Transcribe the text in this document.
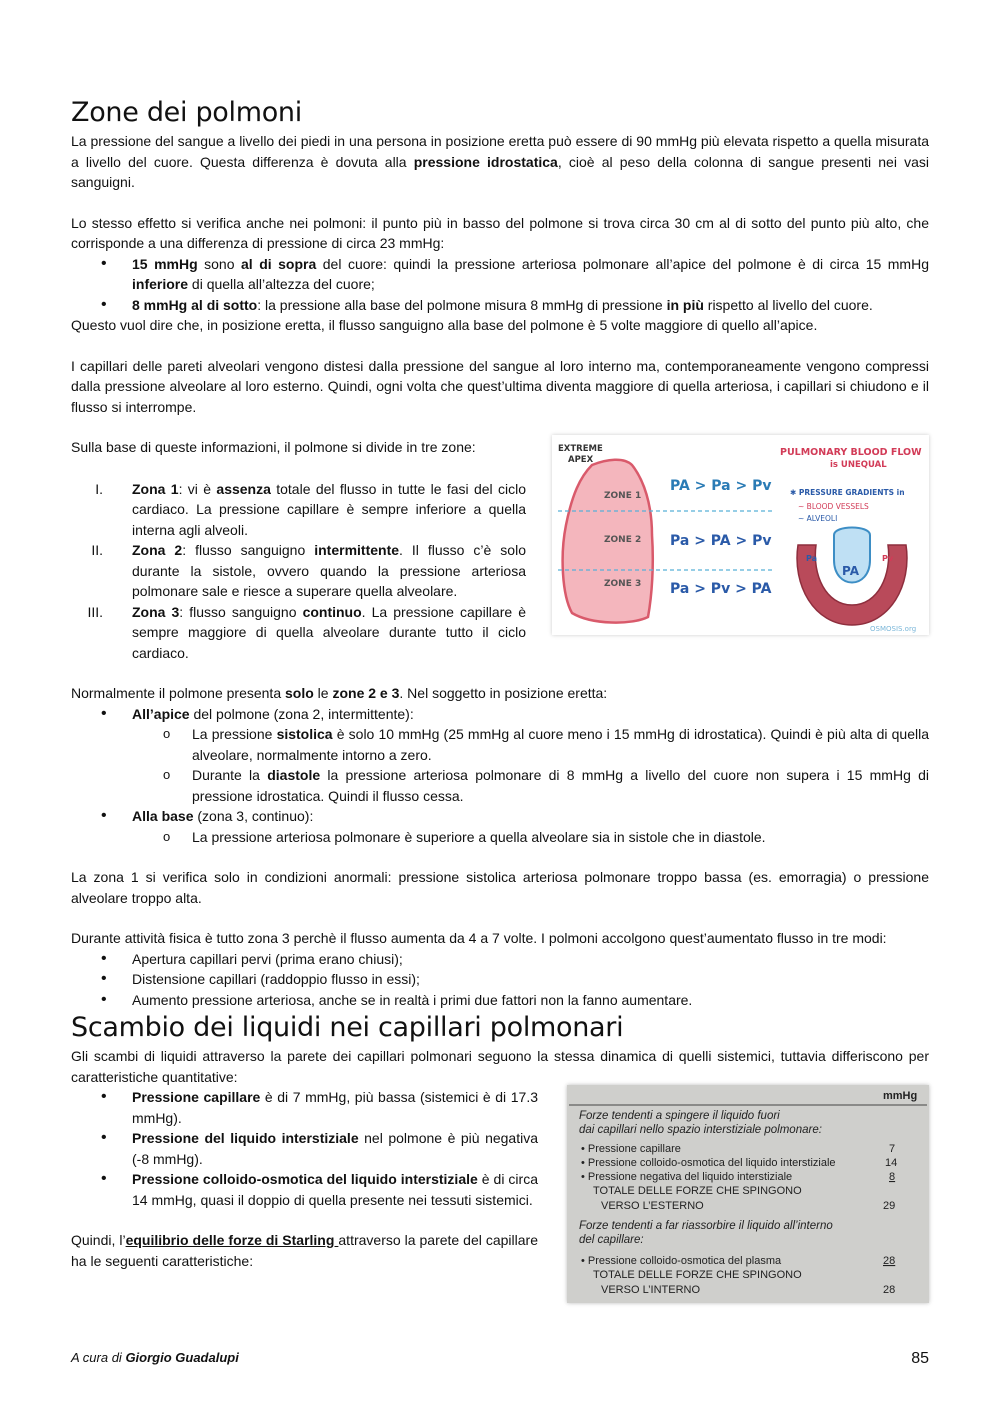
Zone dei polmoni

La pressione del sangue a livello dei piedi in una persona in posizione eretta può essere di 90 mmHg più elevata rispetto a quella misurata a livello del cuore. Questa differenza è dovuta alla pressione idrostatica, cioè al peso della colonna di sangue presenti nei vasi sanguigni.

Lo stesso effetto si verifica anche nei polmoni: il punto più in basso del polmone si trova circa 30 cm al di sotto del punto più alto, che corrisponde a una differenza di pressione di circa 23 mmHg:

• 15 mmHg sono al di sopra del cuore: quindi la pressione arteriosa polmonare all’apice del polmone è di circa 15 mmHg inferiore di quella all’altezza del cuore;
• 8 mmHg al di sotto: la pressione alla base del polmone misura 8 mmHg di pressione in più rispetto al livello del cuore.

Questo vuol dire che, in posizione eretta, il flusso sanguigno alla base del polmone è 5 volte maggiore di quello all’apice.

I capillari delle pareti alveolari vengono distesi dalla pressione del sangue al loro interno ma, contemporaneamente vengono compressi dalla pressione alveolare al loro esterno. Quindi, ogni volta che quest’ultima diventa maggiore di quella arteriosa, i capillari si chiudono e il flusso si interrompe.

Sulla base di queste informazioni, il polmone si divide in tre zone:

I. Zona 1: vi è assenza totale del flusso in tutte le fasi del ciclo cardiaco. La pressione capillare è sempre inferiore a quella interna agli alveoli.
II. Zona 2: flusso sanguigno intermittente. Il flusso c’è solo durante la sistole, ovvero quando la pressione arteriosa polmonare sale e riesce a superare quella alveolare.
III. Zona 3: flusso sanguigno continuo. La pressione capillare è sempre maggiore di quella alveolare durante tutto il ciclo cardiaco.
EXTREME
APEX
ZONE 1
ZONE 2
ZONE 3
PA > Pa > Pv
Pa > PA > Pv
Pa > Pv > PA
PULMONARY BLOOD FLOW
is UNEQUAL
✱ PRESSURE GRADIENTS in
~ BLOOD VESSELS
~ ALVEOLI
Pa	Pv
PA
OSMOSIS.org

Normalmente il polmone presenta solo le zone 2 e 3. Nel soggetto in posizione eretta:

• All’apice del polmone (zona 2, intermittente):
o La pressione sistolica è solo 10 mmHg (25 mmHg al cuore meno i 15 mmHg di idrostatica). Quindi è più alta di quella alveolare, normalmente intorno a zero.
o Durante la diastole la pressione arteriosa polmonare di 8 mmHg a livello del cuore non supera i 15 mmHg di pressione idrostatica. Quindi il flusso cessa.
• Alla base (zona 3, continuo):
o La pressione arteriosa polmonare è superiore a quella alveolare sia in sistole che in diastole.

La zona 1 si verifica solo in condizioni anormali: pressione sistolica arteriosa polmonare troppo bassa (es. emorragia) o pressione alveolare troppo alta.

Durante attività fisica è tutto zona 3 perchè il flusso aumenta da 4 a 7 volte. I polmoni accolgono quest’aumentato flusso in tre modi:

• Apertura capillari pervi (prima erano chiusi);
• Distensione capillari (raddoppio flusso in essi);
• Aumento pressione arteriosa, anche se in realtà i primi due fattori non la fanno aumentare.
Scambio dei liquidi nei capillari polmonari

Gli scambi di liquidi attraverso la parete dei capillari polmonari seguono la stessa dinamica di quelli sistemici, tuttavia differiscono per caratteristiche quantitative:

• Pressione capillare è di 7 mmHg, più bassa (sistemici è di 17.3 mmHg).
• Pressione del liquido interstiziale nel polmone è più negativa (-8 mmHg).
• Pressione colloido-osmotica del liquido interstiziale è di circa 14 mmHg, quasi il doppio di quella presente nei tessuti sistemici.

Quindi, l’equilibrio delle forze di Starling attraverso la parete del capillare ha le seguenti caratteristiche:

mmHg
Forze tendenti a spingere il liquido fuori
dai capillari nello spazio interstiziale polmonare:
• Pressione capillare	7
• Pressione colloido-osmotica del liquido interstiziale	14
• Pressione negativa del liquido interstiziale	8
TOTALE DELLE FORZE CHE SPINGONO
VERSO L’ESTERNO	29
Forze tendenti a far riassorbire il liquido all’interno
del capillare:
• Pressione colloido-osmotica del plasma	28
TOTALE DELLE FORZE CHE SPINGONO
VERSO L’INTERNO	28
A cura di Giorgio Guadalupi	85
